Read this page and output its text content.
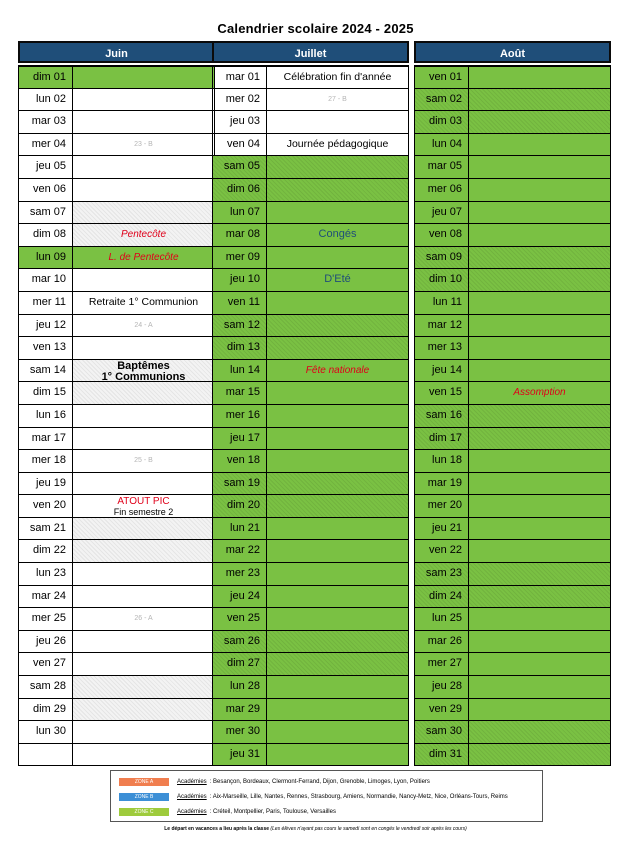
Calendrier scolaire 2024 - 2025
Juin
dim 01
lun 02
mar 03
mer 04	23 - B
jeu 05
ven 06
sam 07
dim 08	Pentecôte
lun 09	L. de Pentecôte
mar 10
mer 11	Retraite 1° Communion
jeu 12	24 - A
ven 13
sam 14	Baptêmes
1° Communions
dim 15
lun 16
mar 17
mer 18	25 - B
jeu 19
ven 20	ATOUT PIC
Fin semestre 2
sam 21
dim 22
lun 23
mar 24
mer 25	26 - A
jeu 26
ven 27
sam 28
dim 29
lun 30
Juillet
mar 01	Célébration fin d'année
mer 02	27 - B
jeu 03
ven 04	Journée pédagogique
sam 05
dim 06
lun 07
mar 08	Congés
mer 09
jeu 10	D'Eté
ven 11
sam 12
dim 13
lun 14	Fête nationale
mar 15
mer 16
jeu 17
ven 18
sam 19
dim 20
lun 21
mar 22
mer 23
jeu 24
ven 25
sam 26
dim 27
lun 28
mar 29
mer 30
jeu 31
Août
ven 01
sam 02
dim 03
lun 04
mar 05
mer 06
jeu 07
ven 08
sam 09
dim 10
lun 11
mar 12
mer 13
jeu 14
ven 15	Assomption
sam 16
dim 17
lun 18
mar 19
mer 20
jeu 21
ven 22
sam 23
dim 24
lun 25
mar 26
mer 27
jeu 28
ven 29
sam 30
dim 31
ZONE A	Académies : Besançon, Bordeaux, Clermont-Ferrand, Dijon, Grenoble, Limoges, Lyon, Poitiers
ZONE B	Académies : Aix-Marseille, Lille, Nantes, Rennes, Strasbourg, Amiens, Normandie, Nancy-Metz, Nice, Orléans-Tours, Reims
ZONE C	Académies : Créteil, Montpellier, Paris, Toulouse, Versailles
Le départ en vacances a lieu après la classe (Les élèves n'ayant pas cours le samedi sont en congés le vendredi soir après les cours)
